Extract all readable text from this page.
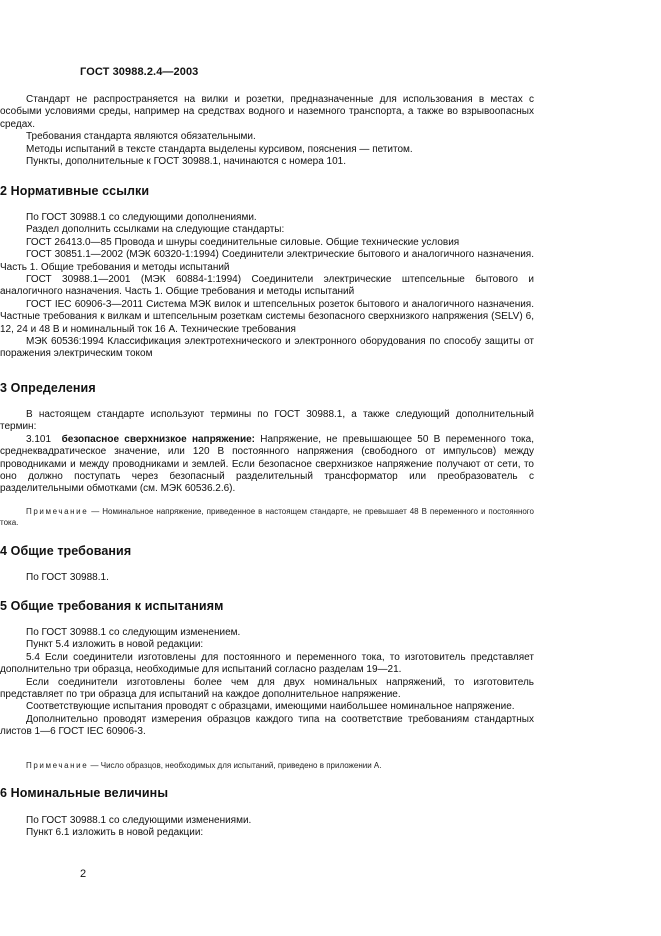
ГОСТ 30988.2.4—2003

Стандарт не распространяется на вилки и розетки, предназначенные для использования в местах с особыми условиями среды, например на средствах водного и наземного транспорта, а также во взрывоопасных средах.

Требования стандарта являются обязательными.

Методы испытаний в тексте стандарта выделены курсивом, пояснения — петитом.

Пункты, дополнительные к ГОСТ 30988.1, начинаются с номера 101.

2 Нормативные ссылки

По ГОСТ 30988.1 со следующими дополнениями.

Раздел дополнить ссылками на следующие стандарты:

ГОСТ 26413.0—85 Провода и шнуры соединительные силовые. Общие технические условия

ГОСТ 30851.1—2002 (МЭК 60320-1:1994) Соединители электрические бытового и аналогичного назначения. Часть 1. Общие требования и методы испытаний

ГОСТ 30988.1—2001 (МЭК 60884-1:1994) Соединители электрические штепсельные бытового и аналогичного назначения. Часть 1. Общие требования и методы испытаний

ГОСТ IEC 60906-3—2011 Система МЭК вилок и штепсельных розеток бытового и аналогичного назначения. Частные требования к вилкам и штепсельным розеткам системы безопасного сверхнизкого напряжения (SELV) 6, 12, 24 и 48 В и номинальный ток 16 А. Технические требования

МЭК 60536:1994 Классификация электротехнического и электронного оборудования по способу защиты от поражения электрическим током

3 Определения

В настоящем стандарте используют термины по ГОСТ 30988.1, а также следующий дополнительный термин:

3.101 безопасное сверхнизкое напряжение: Напряжение, не превышающее 50 В переменного тока, среднеквадратическое значение, или 120 В постоянного напряжения (свободного от импульсов) между проводниками и между проводниками и землей. Если безопасное сверхнизкое напряжение получают от сети, то оно должно поступать через безопасный разделительный трансформатор или преобразователь с разделительными обмотками (см. МЭК 60536.2.6).

Примечание — Номинальное напряжение, приведенное в настоящем стандарте, не превышает 48 В переменного и постоянного тока.

4 Общие требования

По ГОСТ 30988.1.

5 Общие требования к испытаниям

По ГОСТ 30988.1 со следующим изменением.

Пункт 5.4 изложить в новой редакции:

5.4 Если соединители изготовлены для постоянного и переменного тока, то изготовитель представляет дополнительно три образца, необходимые для испытаний согласно разделам 19—21.

Если соединители изготовлены более чем для двух номинальных напряжений, то изготовитель представляет по три образца для испытаний на каждое дополнительное напряжение.

Соответствующие испытания проводят с образцами, имеющими наибольшее номинальное напряжение.

Дополнительно проводят измерения образцов каждого типа на соответствие требованиям стандартных листов 1—6 ГОСТ IEC 60906-3.

Примечание — Число образцов, необходимых для испытаний, приведено в приложении А.

6 Номинальные величины

По ГОСТ 30988.1 со следующими изменениями.

Пункт 6.1 изложить в новой редакции:

2
